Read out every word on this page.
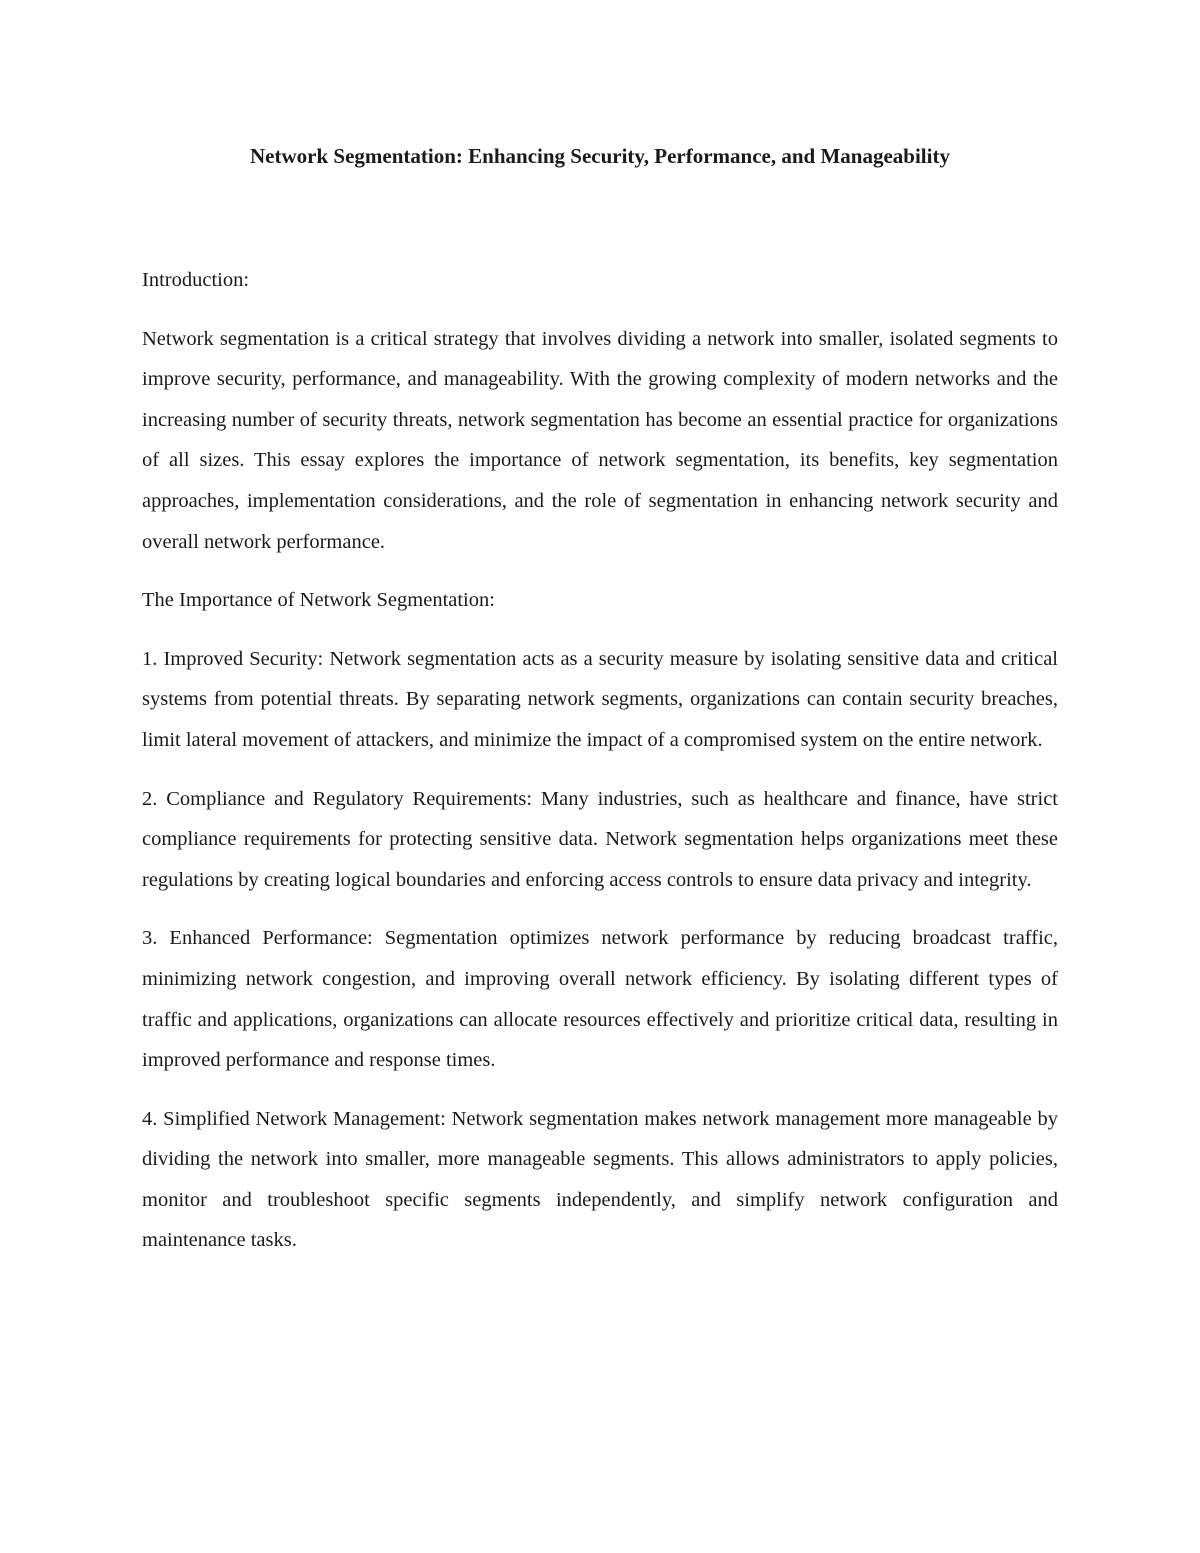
Network Segmentation: Enhancing Security, Performance, and Manageability

Introduction:

Network segmentation is a critical strategy that involves dividing a network into smaller, isolated segments to improve security, performance, and manageability. With the growing complexity of modern networks and the increasing number of security threats, network segmentation has become an essential practice for organizations of all sizes. This essay explores the importance of network segmentation, its benefits, key segmentation approaches, implementation considerations, and the role of segmentation in enhancing network security and overall network performance.

The Importance of Network Segmentation:

1. Improved Security: Network segmentation acts as a security measure by isolating sensitive data and critical systems from potential threats. By separating network segments, organizations can contain security breaches, limit lateral movement of attackers, and minimize the impact of a compromised system on the entire network.

2. Compliance and Regulatory Requirements: Many industries, such as healthcare and finance, have strict compliance requirements for protecting sensitive data. Network segmentation helps organizations meet these regulations by creating logical boundaries and enforcing access controls to ensure data privacy and integrity.

3. Enhanced Performance: Segmentation optimizes network performance by reducing broadcast traffic, minimizing network congestion, and improving overall network efficiency. By isolating different types of traffic and applications, organizations can allocate resources effectively and prioritize critical data, resulting in improved performance and response times.

4. Simplified Network Management: Network segmentation makes network management more manageable by dividing the network into smaller, more manageable segments. This allows administrators to apply policies, monitor and troubleshoot specific segments independently, and simplify network configuration and maintenance tasks.
